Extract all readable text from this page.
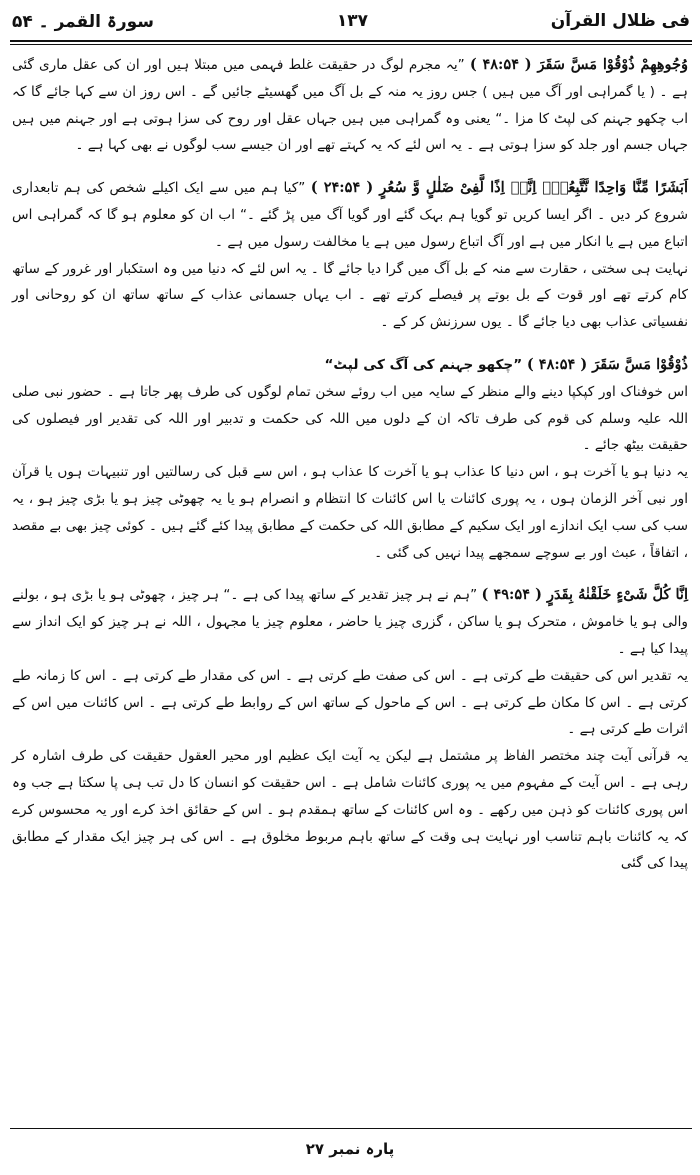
فی ظلال القرآن
۱۳۷
سورۃ القمر ۔ ۵۴

وُجُوهِهِمْ ذُوْقُوْا مَسَّ سَقَرَ ( ۴۸:۵۴ ) ”یہ مجرم لوگ در حقیقت غلط فہمی میں مبتلا ہیں اور ان کی عقل ماری گئی ہے ۔ ( یا گمراہی اور آگ میں ہیں ) جس روز یہ منہ کے بل آگ میں گھسیٹے جائیں گے ۔ اس روز ان سے کہا جائے گا کہ اب چکھو جہنم کی لپٹ کا مزا ۔“ یعنی وہ گمراہی میں ہیں جہاں عقل اور روح کی سزا ہوتی ہے اور جہنم میں ہیں جہاں جسم اور جلد کو سزا ہوتی ہے ۔ یہ اس لئے کہ یہ کہتے تھے اور ان جیسے سب لوگوں نے بھی کہا ہے ۔

اَبَشَرًا مِّنَّا وَاحِدًا نَّتَّبِعُهٗۤ اِنَّاۤ اِذًا لَّفِیْ ضَلٰلٍ وَّ سُعُرٍ ( ۲۴:۵۴ ) ”کیا ہم میں سے ایک اکیلے شخص کی ہم تابعداری شروع کر دیں ۔ اگر ایسا کریں تو گویا ہم بہک گئے اور گویا آگ میں پڑ گئے ۔“ اب ان کو معلوم ہو گا کہ گمراہی اس اتباع میں ہے یا انکار میں ہے اور آگ اتباع رسول میں ہے یا مخالفت رسول میں ہے ۔

نہایت ہی سختی ، حقارت سے منہ کے بل آگ میں گرا دیا جائے گا ۔ یہ اس لئے کہ دنیا میں وہ استکبار اور غرور کے ساتھ کام کرتے تھے اور قوت کے بل بوتے پر فیصلے کرتے تھے ۔ اب یہاں جسمانی عذاب کے ساتھ ساتھ ان کو روحانی اور نفسیاتی عذاب بھی دیا جائے گا ۔ یوں سرزنش کر کے ۔

ذُوْقُوْا مَسَّ سَقَرَ ( ۴۸:۵۴ ) ”چکھو جہنم کی آگ کی لپٹ“

اس خوفناک اور کپکپا دینے والے منظر کے سایہ میں اب روئے سخن تمام لوگوں کی طرف پھر جاتا ہے ۔ حضور نبی صلی اللہ علیہ وسلم کی قوم کی طرف تاکہ ان کے دلوں میں اللہ کی حکمت و تدبیر اور اللہ کی تقدیر اور فیصلوں کی حقیقت بیٹھ جائے ۔

یہ دنیا ہو یا آخرت ہو ، اس دنیا کا عذاب ہو یا آخرت کا عذاب ہو ، اس سے قبل کی رسالتیں اور تنبیہات ہوں یا قرآن اور نبی آخر الزمان ہوں ، یہ پوری کائنات یا اس کائنات کا انتظام و انصرام ہو یا یہ چھوٹی چیز ہو یا بڑی چیز ہو ، یہ سب کی سب ایک اندازے اور ایک سکیم کے مطابق اللہ کی حکمت کے مطابق پیدا کئے گئے ہیں ۔ کوئی چیز بھی بے مقصد ، اتفاقاً ، عبث اور بے سوچے سمجھے پیدا نہیں کی گئی ۔

اِنَّا كُلَّ شَیْءٍ خَلَقْنٰهُ بِقَدَرٍ ( ۴۹:۵۴ ) ”ہم نے ہر چیز تقدیر کے ساتھ پیدا کی ہے ۔“ ہر چیز ، چھوٹی ہو یا بڑی ہو ، بولنے والی ہو یا خاموش ، متحرک ہو یا ساکن ، گزری چیز یا حاضر ، معلوم چیز یا مجہول ، اللہ نے ہر چیز کو ایک انداز سے پیدا کیا ہے ۔

یہ تقدیر اس کی حقیقت طے کرتی ہے ۔ اس کی صفت طے کرتی ہے ۔ اس کی مقدار طے کرتی ہے ۔ اس کا زمانہ طے کرتی ہے ۔ اس کا مکان طے کرتی ہے ۔ اس کے ماحول کے ساتھ اس کے روابط طے کرتی ہے ۔ اس کائنات میں اس کے اثرات طے کرتی ہے ۔

یہ قرآنی آیت چند مختصر الفاظ پر مشتمل ہے لیکن یہ آیت ایک عظیم اور محیر العقول حقیقت کی طرف اشارہ کر رہی ہے ۔ اس آیت کے مفہوم میں یہ پوری کائنات شامل ہے ۔ اس حقیقت کو انسان کا دل تب ہی پا سکتا ہے جب وہ اس پوری کائنات کو ذہن میں رکھے ۔ وہ اس کائنات کے ساتھ ہمقدم ہو ۔ اس کے حقائق اخذ کرے اور یہ محسوس کرے کہ یہ کائنات باہم تناسب اور نہایت ہی وقت کے ساتھ باہم مربوط مخلوق ہے ۔ اس کی ہر چیز ایک مقدار کے مطابق پیدا کی گئی

پارہ نمبر ۲۷
